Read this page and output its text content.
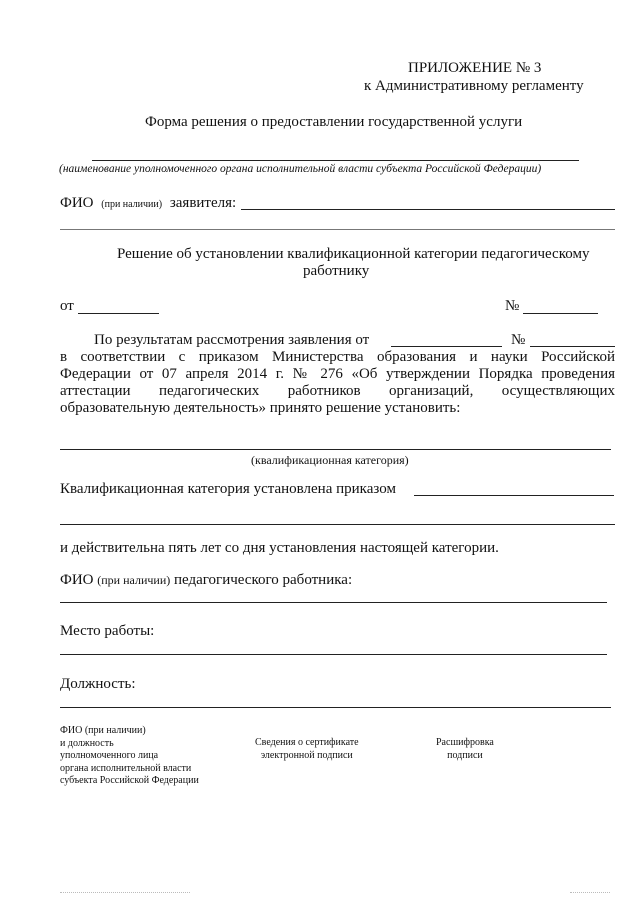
ПРИЛОЖЕНИЕ № 3
к Административному регламенту
Форма решения о предоставлении государственной услуги
(наименование уполномоченного органа исполнительной власти субъекта Российской Федерации)
ФИО (при наличии) заявителя:
Решение об установлении квалификационной категории педагогическому
работнику
от	№
По результатам рассмотрения заявления от	№
в соответствии с приказом Министерства образования и науки Российской
Федерации от 07 апреля 2014 г. № 276 «Об утверждении Порядка проведения
аттестации педагогических работников организаций, осуществляющих
образовательную деятельность» принято решение установить:
(квалификационная категория)
Квалификационная категория установлена приказом
и действительна пять лет со дня установления настоящей категории.
ФИО (при наличии) педагогического работника:
Место работы:
Должность:
ФИО (при наличии)
и должность
уполномоченного лица
органа исполнительной власти
субъекта Российской Федерации
Сведения о сертификате
электронной подписи
Расшифровка
подписи
